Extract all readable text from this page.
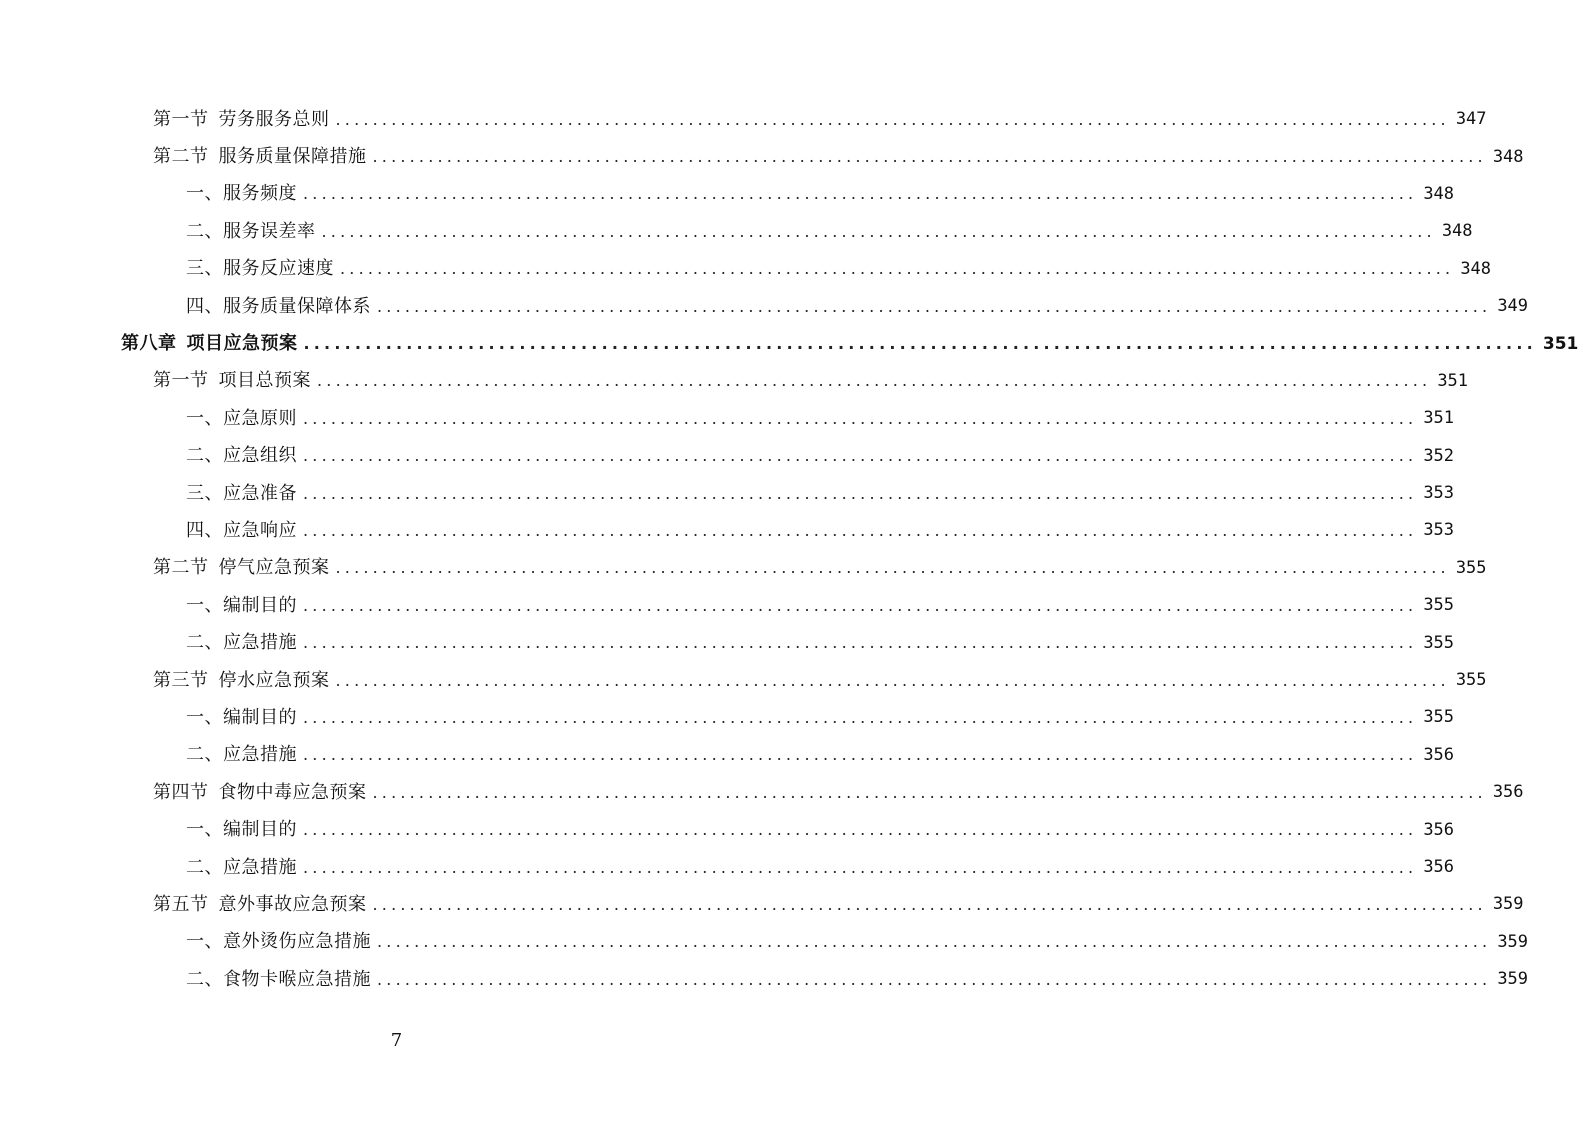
第一节 劳务服务总则 ........................................................................................................................ 347
第二节 服务质量保障措施 ........................................................................................................................ 348
一、服务频度 ........................................................................................................................ 348
二、服务误差率 ........................................................................................................................ 348
三、服务反应速度 ........................................................................................................................ 348
四、服务质量保障体系 ........................................................................................................................ 349
第八章 项目应急预案 ........................................................................................................................ 351
第一节 项目总预案 ........................................................................................................................ 351
一、应急原则 ........................................................................................................................ 351
二、应急组织 ........................................................................................................................ 352
三、应急准备 ........................................................................................................................ 353
四、应急响应 ........................................................................................................................ 353
第二节 停气应急预案 ........................................................................................................................ 355
一、编制目的 ........................................................................................................................ 355
二、应急措施 ........................................................................................................................ 355
第三节 停水应急预案 ........................................................................................................................ 355
一、编制目的 ........................................................................................................................ 355
二、应急措施 ........................................................................................................................ 356
第四节 食物中毒应急预案 ........................................................................................................................ 356
一、编制目的 ........................................................................................................................ 356
二、应急措施 ........................................................................................................................ 356
第五节 意外事故应急预案 ........................................................................................................................ 359
一、意外烫伤应急措施 ........................................................................................................................ 359
二、食物卡喉应急措施 ........................................................................................................................ 359
7
